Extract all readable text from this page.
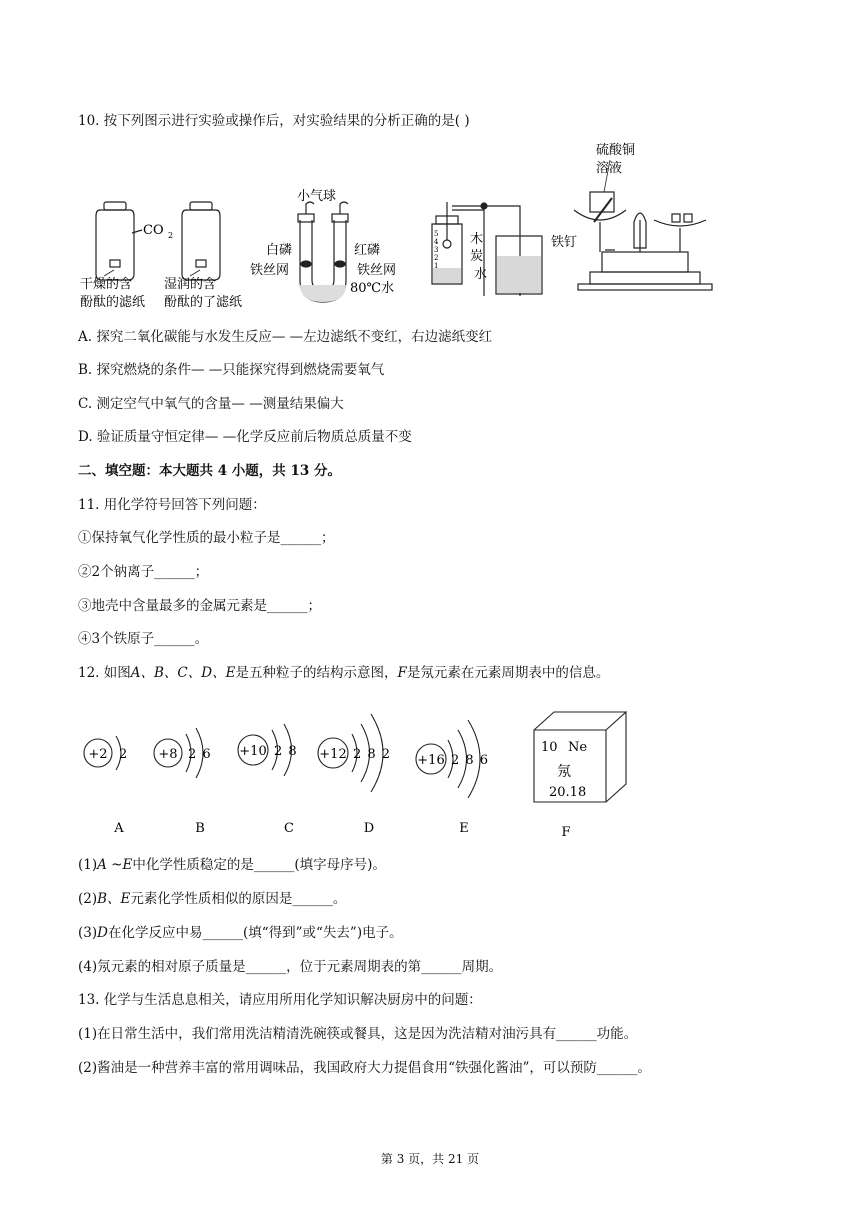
10. 按下列图示进行实验或操作后，对实验结果的分析正确的是( )
CO 2
干燥的含
酚酞的滤纸
湿润的含
酚酞的了滤纸
小气球
白磷	红磷
铁丝网	铁丝网
80℃水
5
4
3
2
1
木
炭
水
硫酸铜
溶液
铁钉
A. 探究二氧化碳能与水发生反应— —左边滤纸不变红，右边滤纸变红
B. 探究燃烧的条件— —只能探究得到燃烧需要氧气
C. 测定空气中氧气的含量— —测量结果偏大
D. 验证质量守恒定律— —化学反应前后物质总质量不变
二、填空题：本大题共 4 小题，共 13 分。
11. 用化学符号回答下列问题：
①保持氧气化学性质的最小粒子是______；
②2个钠离子______；
③地壳中含量最多的金属元素是______；
④3个铁原子______。
12. 如图A、B、C、D、E是五种粒子的结构示意图，F是氖元素在元素周期表中的信息。
+2 2 +8 2 6 +10 2 8 +12 2 8 2 +16 2 8 6
10 Ne
氖
20.18
A	B	C	D	E	F
(1)A ~E中化学性质稳定的是______(填字母序号)。
(2)B、E元素化学性质相似的原因是______。
(3)D在化学反应中易______(填“得到”或“失去”)电子。
(4)氖元素的相对原子质量是______，位于元素周期表的第______周期。
13. 化学与生活息息相关，请应用所用化学知识解决厨房中的问题：
(1)在日常生活中，我们常用洗洁精清洗碗筷或餐具，这是因为洗洁精对油污具有______功能。
(2)酱油是一种营养丰富的常用调味品，我国政府大力提倡食用“铁强化酱油”，可以预防______。
第 3 页，共 21 页
